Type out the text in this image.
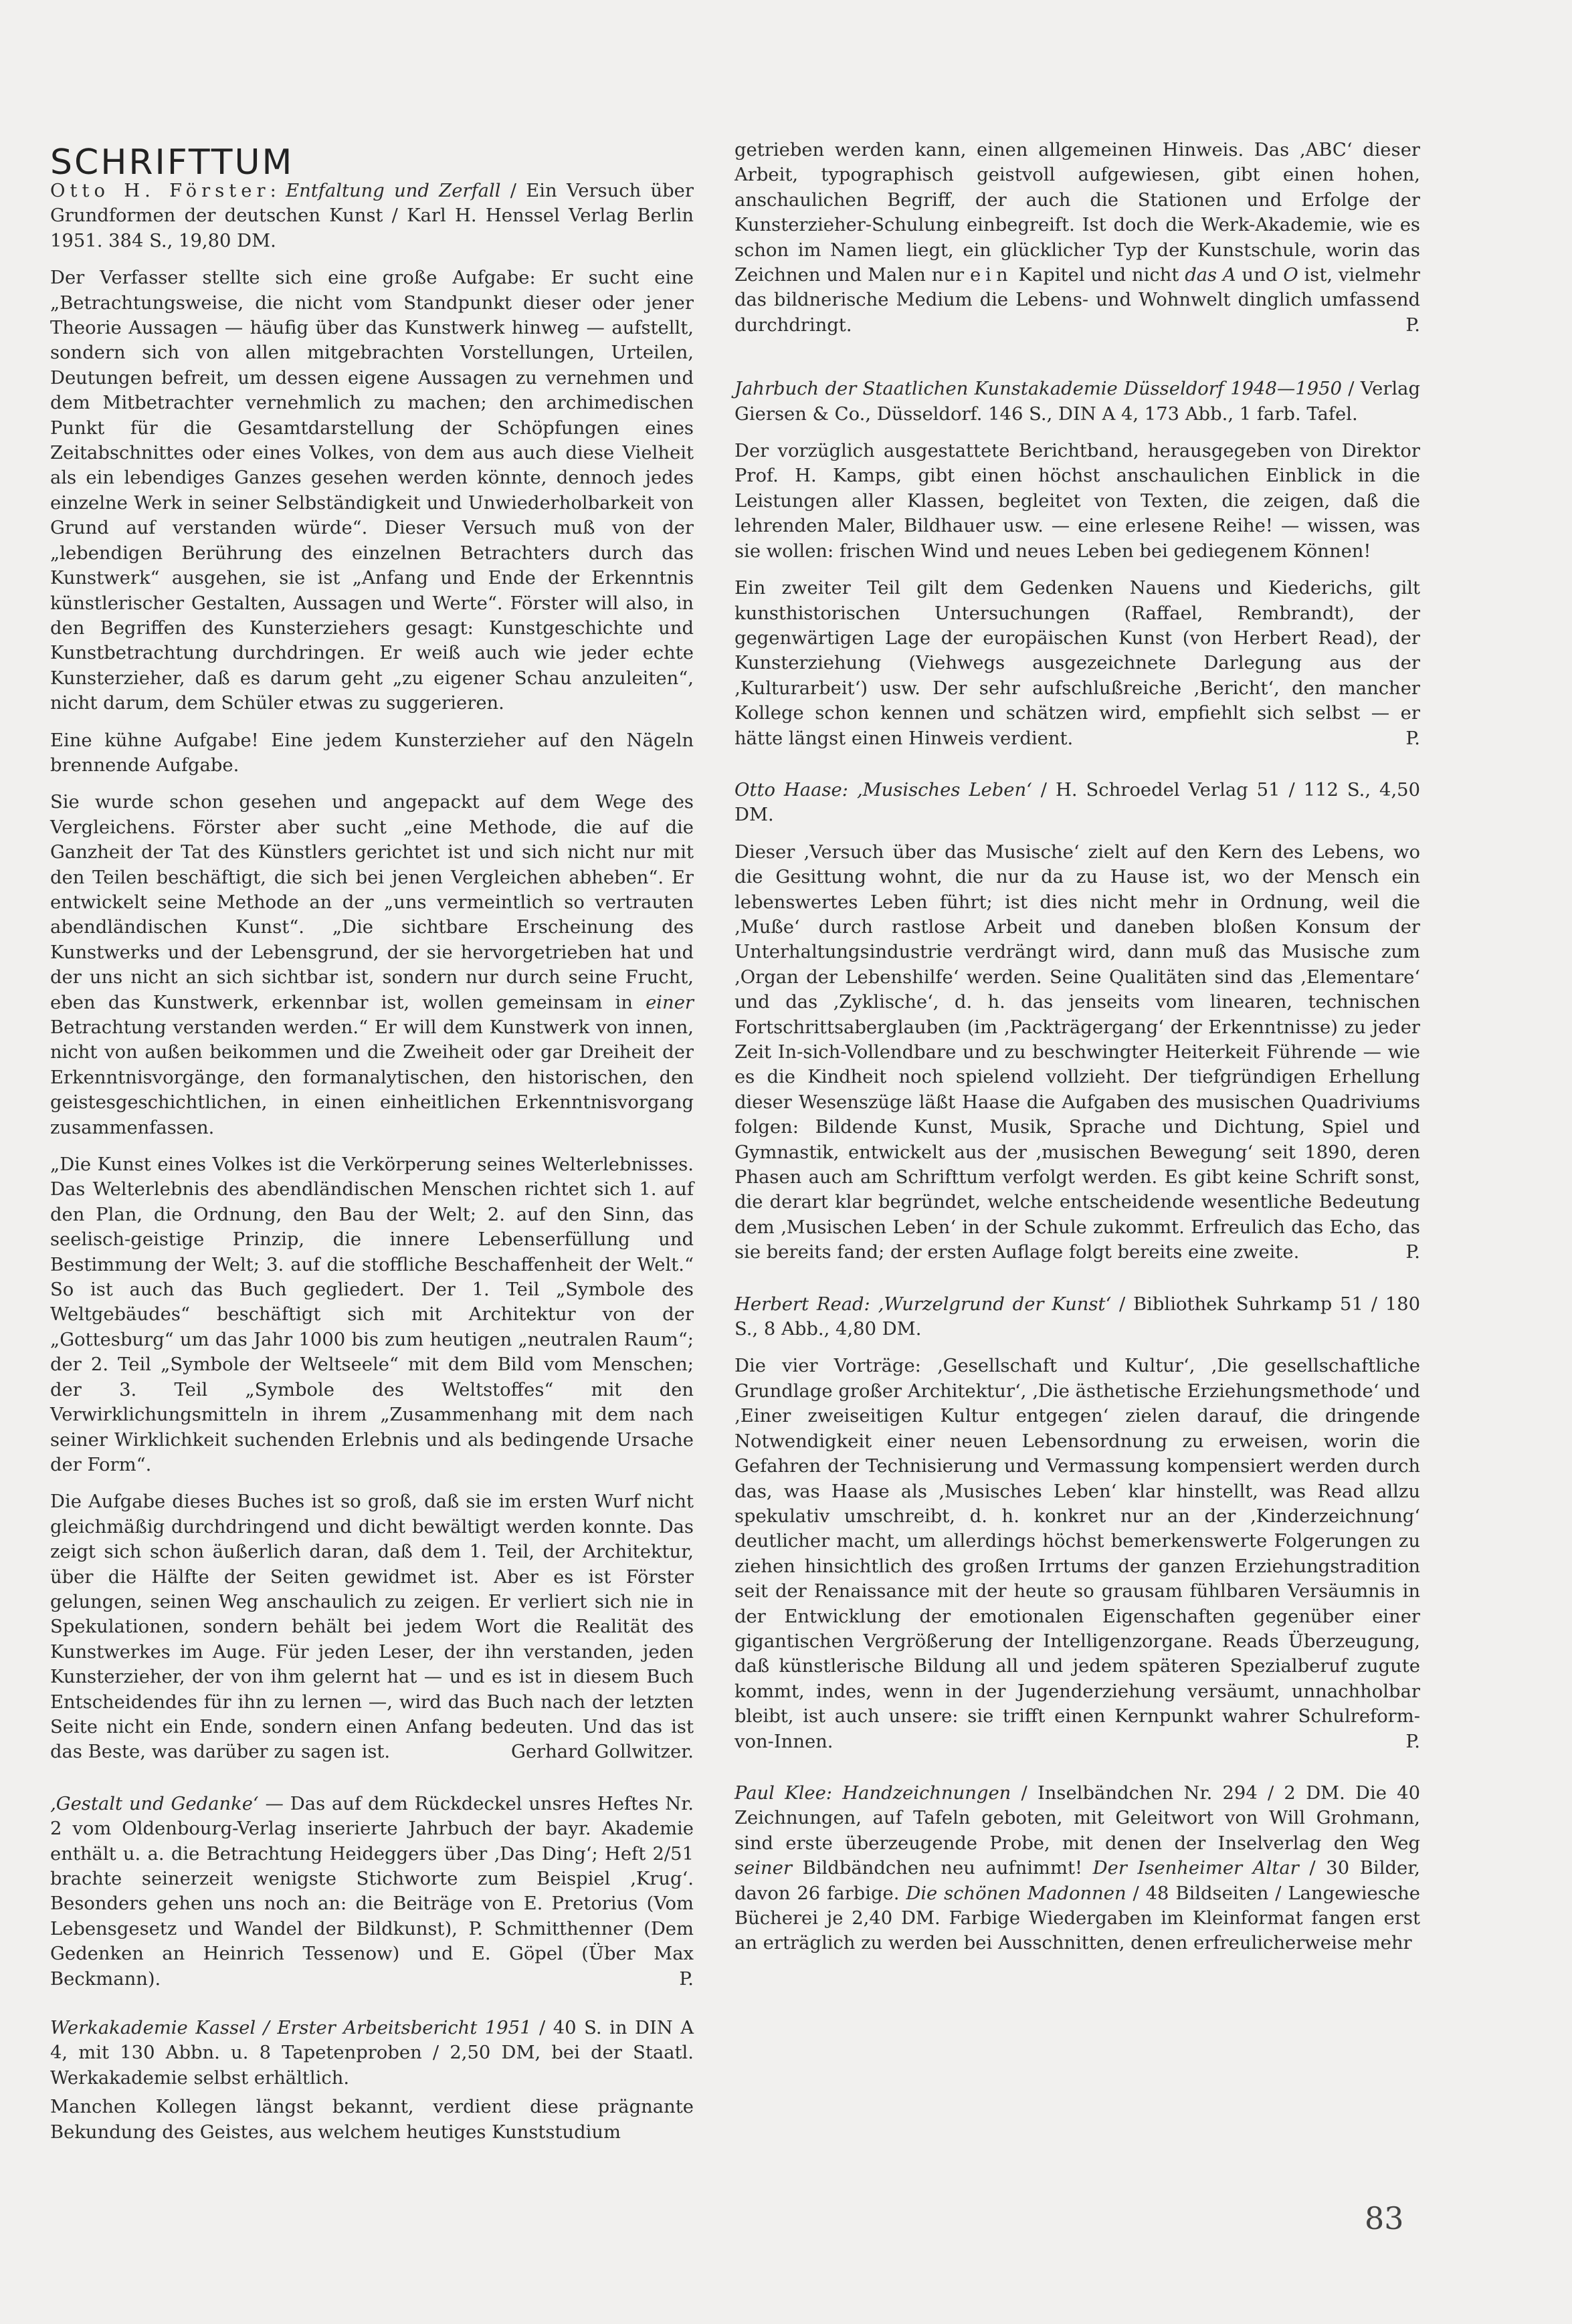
SCHRIFTTUM

Otto H. Förster: Entfaltung und Zerfall / Ein Versuch über Grundformen der deutschen Kunst / Karl H. Henssel Verlag Berlin 1951. 384 S., 19,80 DM.

Der Verfasser stellte sich eine große Aufgabe: Er sucht eine „Betrachtungsweise, die nicht vom Standpunkt dieser oder jener Theorie Aussagen — häufig über das Kunstwerk hinweg — aufstellt, sondern sich von allen mitgebrachten Vorstellungen, Urteilen, Deutungen befreit, um dessen eigene Aussagen zu vernehmen und dem Mitbetrachter vernehmlich zu machen; den archimedischen Punkt für die Gesamtdarstellung der Schöpfungen eines Zeitabschnittes oder eines Volkes, von dem aus auch diese Vielheit als ein lebendiges Ganzes gesehen werden könnte, dennoch jedes einzelne Werk in seiner Selbständigkeit und Unwiederholbarkeit von Grund auf verstanden würde“. Dieser Versuch muß von der „lebendigen Berührung des einzelnen Betrachters durch das Kunstwerk“ ausgehen, sie ist „Anfang und Ende der Erkenntnis künstlerischer Gestalten, Aussagen und Werte“. Förster will also, in den Begriffen des Kunsterziehers gesagt: Kunstgeschichte und Kunstbetrachtung durchdringen. Er weiß auch wie jeder echte Kunsterzieher, daß es darum geht „zu eigener Schau anzuleiten“, nicht darum, dem Schüler etwas zu suggerieren.

Eine kühne Aufgabe! Eine jedem Kunsterzieher auf den Nägeln brennende Aufgabe.

Sie wurde schon gesehen und angepackt auf dem Wege des Vergleichens. Förster aber sucht „eine Methode, die auf die Ganzheit der Tat des Künstlers gerichtet ist und sich nicht nur mit den Teilen beschäftigt, die sich bei jenen Vergleichen abheben“. Er entwickelt seine Methode an der „uns vermeintlich so vertrauten abendländischen Kunst“. „Die sichtbare Erscheinung des Kunstwerks und der Lebensgrund, der sie hervorgetrieben hat und der uns nicht an sich sichtbar ist, sondern nur durch seine Frucht, eben das Kunstwerk, erkennbar ist, wollen gemeinsam in einer Betrachtung verstanden werden.“ Er will dem Kunstwerk von innen, nicht von außen beikommen und die Zweiheit oder gar Dreiheit der Erkenntnisvorgänge, den formanalytischen, den historischen, den geistesgeschichtlichen, in einen einheitlichen Erkenntnisvorgang zusammenfassen.

„Die Kunst eines Volkes ist die Verkörperung seines Welterlebnisses. Das Welterlebnis des abendländischen Menschen richtet sich 1. auf den Plan, die Ordnung, den Bau der Welt; 2. auf den Sinn, das seelisch-geistige Prinzip, die innere Lebenserfüllung und Bestimmung der Welt; 3. auf die stoffliche Beschaffenheit der Welt.“ So ist auch das Buch gegliedert. Der 1. Teil „Symbole des Weltgebäudes“ beschäftigt sich mit Architektur von der „Gottesburg“ um das Jahr 1000 bis zum heutigen „neutralen Raum“; der 2. Teil „Symbole der Weltseele“ mit dem Bild vom Menschen; der 3. Teil „Symbole des Weltstoffes“ mit den Verwirklichungsmitteln in ihrem „Zusammenhang mit dem nach seiner Wirklichkeit suchenden Erlebnis und als bedingende Ursache der Form“.

Die Aufgabe dieses Buches ist so groß, daß sie im ersten Wurf nicht gleichmäßig durchdringend und dicht bewältigt werden konnte. Das zeigt sich schon äußerlich daran, daß dem 1. Teil, der Architektur, über die Hälfte der Seiten gewidmet ist. Aber es ist Förster gelungen, seinen Weg anschaulich zu zeigen. Er verliert sich nie in Spekulationen, sondern behält bei jedem Wort die Realität des Kunstwerkes im Auge. Für jeden Leser, der ihn verstanden, jeden Kunsterzieher, der von ihm gelernt hat — und es ist in diesem Buch Entscheidendes für ihn zu lernen —, wird das Buch nach der letzten Seite nicht ein Ende, sondern einen Anfang bedeuten. Und das ist das Beste, was darüber zu sagen ist.	Gerhard Gollwitzer.

‚Gestalt und Gedanke‘ — Das auf dem Rückdeckel unsres Heftes Nr. 2 vom Oldenbourg-Verlag inserierte Jahrbuch der bayr. Akademie enthält u. a. die Betrachtung Heideggers über ‚Das Ding‘; Heft 2/51 brachte seinerzeit wenigste Stichworte zum Beispiel ‚Krug‘. Besonders gehen uns noch an: die Beiträge von E. Pretorius (Vom Lebensgesetz und Wandel der Bildkunst), P. Schmitthenner (Dem Gedenken an Heinrich Tessenow) und E. Göpel (Über Max Beckmann).	P.

Werkakademie Kassel / Erster Arbeitsbericht 1951 / 40 S. in DIN A 4, mit 130 Abbn. u. 8 Tapetenproben / 2,50 DM, bei der Staatl. Werkakademie selbst erhältlich.

Manchen Kollegen längst bekannt, verdient diese prägnante Bekundung des Geistes, aus welchem heutiges Kunststudium

getrieben werden kann, einen allgemeinen Hinweis. Das ‚ABC‘ dieser Arbeit, typographisch geistvoll aufgewiesen, gibt einen hohen, anschaulichen Begriff, der auch die Stationen und Erfolge der Kunsterzieher-Schulung einbegreift. Ist doch die Werk-Akademie, wie es schon im Namen liegt, ein glücklicher Typ der Kunstschule, worin das Zeichnen und Malen nur ein Kapitel und nicht das A und O ist, vielmehr das bildnerische Medium die Lebens- und Wohnwelt dinglich umfassend durchdringt.	P.

Jahrbuch der Staatlichen Kunstakademie Düsseldorf 1948—1950 / Verlag Giersen & Co., Düsseldorf. 146 S., DIN A 4, 173 Abb., 1 farb. Tafel.

Der vorzüglich ausgestattete Berichtband, herausgegeben von Direktor Prof. H. Kamps, gibt einen höchst anschaulichen Einblick in die Leistungen aller Klassen, begleitet von Texten, die zeigen, daß die lehrenden Maler, Bildhauer usw. — eine erlesene Reihe! — wissen, was sie wollen: frischen Wind und neues Leben bei gediegenem Können!

Ein zweiter Teil gilt dem Gedenken Nauens und Kiederichs, gilt kunsthistorischen Untersuchungen (Raffael, Rembrandt), der gegenwärtigen Lage der europäischen Kunst (von Herbert Read), der Kunsterziehung (Viehwegs ausgezeichnete Darlegung aus der ‚Kulturarbeit‘) usw. Der sehr aufschlußreiche ‚Bericht‘, den mancher Kollege schon kennen und schätzen wird, empfiehlt sich selbst — er hätte längst einen Hinweis verdient.	P.

Otto Haase: ‚Musisches Leben‘ / H. Schroedel Verlag 51 / 112 S., 4,50 DM.

Dieser ‚Versuch über das Musische‘ zielt auf den Kern des Lebens, wo die Gesittung wohnt, die nur da zu Hause ist, wo der Mensch ein lebenswertes Leben führt; ist dies nicht mehr in Ordnung, weil die ‚Muße‘ durch rastlose Arbeit und daneben bloßen Konsum der Unterhaltungsindustrie verdrängt wird, dann muß das Musische zum ‚Organ der Lebenshilfe‘ werden. Seine Qualitäten sind das ‚Elementare‘ und das ‚Zyklische‘, d. h. das jenseits vom linearen, technischen Fortschrittsaberglauben (im ‚Packträgergang‘ der Erkenntnisse) zu jeder Zeit In-sich-Vollendbare und zu beschwingter Heiterkeit Führende — wie es die Kindheit noch spielend vollzieht. Der tiefgründigen Erhellung dieser Wesenszüge läßt Haase die Aufgaben des musischen Quadriviums folgen: Bildende Kunst, Musik, Sprache und Dichtung, Spiel und Gymnastik, entwickelt aus der ‚musischen Bewegung‘ seit 1890, deren Phasen auch am Schrifttum verfolgt werden. Es gibt keine Schrift sonst, die derart klar begründet, welche entscheidende wesentliche Bedeutung dem ‚Musischen Leben‘ in der Schule zukommt. Erfreulich das Echo, das sie bereits fand; der ersten Auflage folgt bereits eine zweite.	P.

Herbert Read: ‚Wurzelgrund der Kunst‘ / Bibliothek Suhrkamp 51 / 180 S., 8 Abb., 4,80 DM.

Die vier Vorträge: ‚Gesellschaft und Kultur‘, ‚Die gesellschaftliche Grundlage großer Architektur‘, ‚Die ästhetische Erziehungsmethode‘ und ‚Einer zweiseitigen Kultur entgegen‘ zielen darauf, die dringende Notwendigkeit einer neuen Lebensordnung zu erweisen, worin die Gefahren der Technisierung und Vermassung kompensiert werden durch das, was Haase als ‚Musisches Leben‘ klar hinstellt, was Read allzu spekulativ umschreibt, d. h. konkret nur an der ‚Kinderzeichnung‘ deutlicher macht, um allerdings höchst bemerkenswerte Folgerungen zu ziehen hinsichtlich des großen Irrtums der ganzen Erziehungstradition seit der Renaissance mit der heute so grausam fühlbaren Versäumnis in der Entwicklung der emotionalen Eigenschaften gegenüber einer gigantischen Vergrößerung der Intelligenzorgane. Reads Überzeugung, daß künstlerische Bildung all und jedem späteren Spezialberuf zugute kommt, indes, wenn in der Jugenderziehung versäumt, unnachholbar bleibt, ist auch unsere: sie trifft einen Kernpunkt wahrer Schulreform-von-Innen.	P.

Paul Klee: Handzeichnungen / Inselbändchen Nr. 294 / 2 DM. Die 40 Zeichnungen, auf Tafeln geboten, mit Geleitwort von Will Grohmann, sind erste überzeugende Probe, mit denen der Inselverlag den Weg seiner Bildbändchen neu aufnimmt! Der Isenheimer Altar / 30 Bilder, davon 26 farbige. Die schönen Madonnen / 48 Bildseiten / Langewiesche Bücherei je 2,40 DM. Farbige Wiedergaben im Kleinformat fangen erst an erträglich zu werden bei Ausschnitten, denen erfreulicherweise mehr

83
